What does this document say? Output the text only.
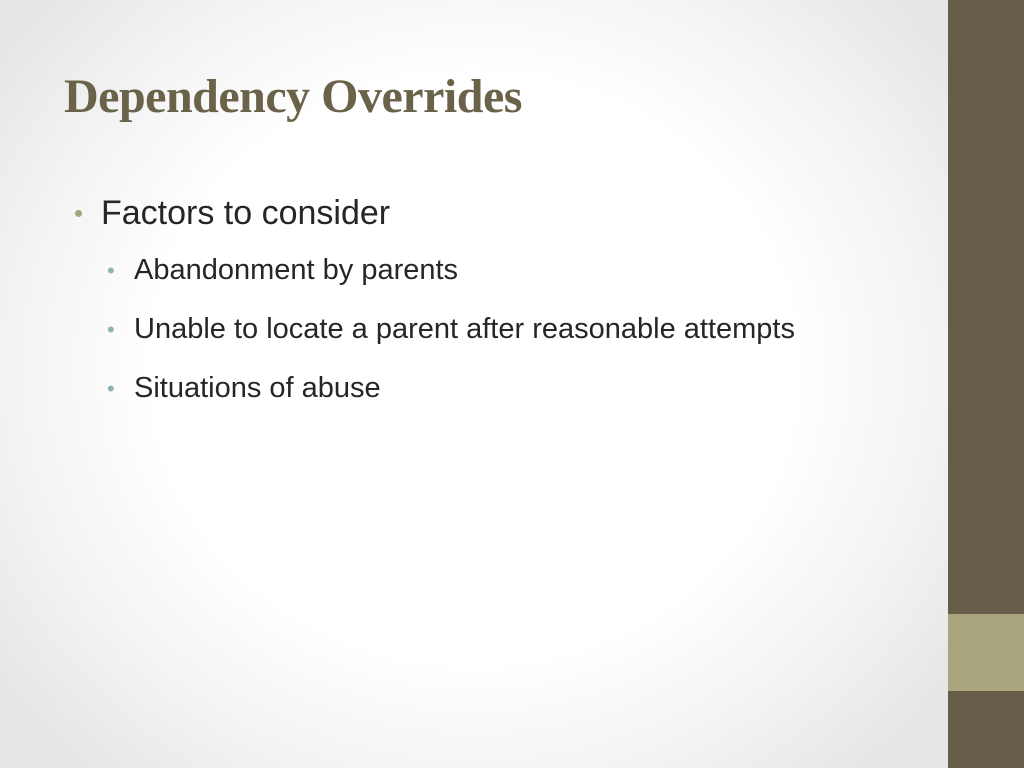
Dependency Overrides
• Factors to consider
• Abandonment by parents
• Unable to locate a parent after reasonable attempts
• Situations of abuse
